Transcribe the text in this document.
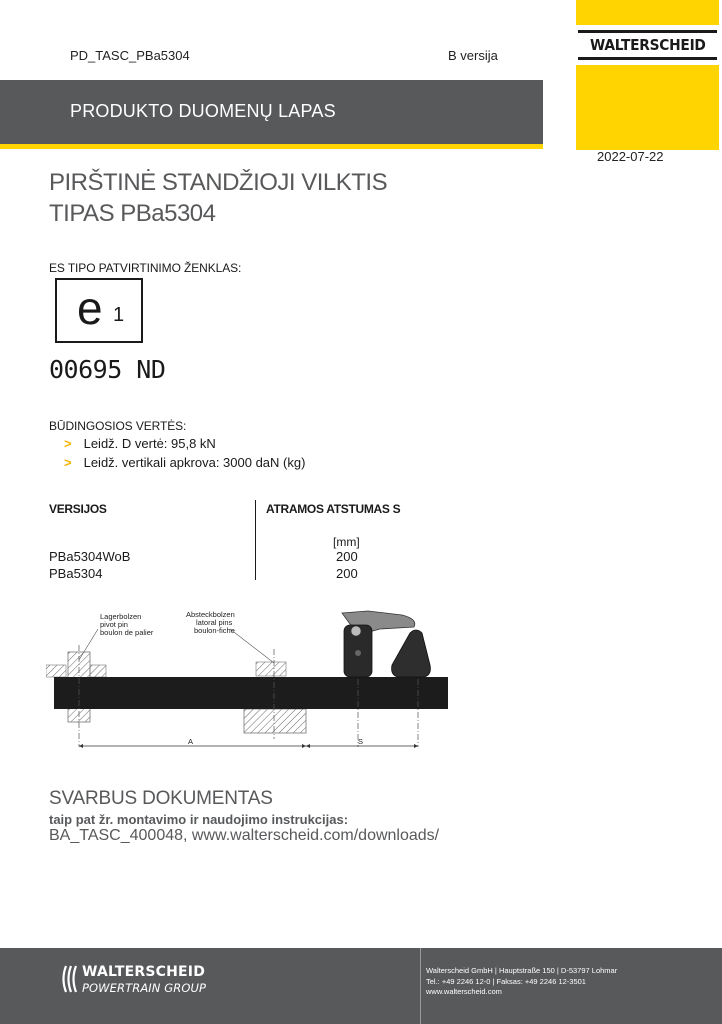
PD_TASC_PBa5304	B versija
WALTERSCHEID
2022-07-22
PRODUKTO DUOMENŲ LAPAS
PIRŠTINĖ STANDŽIOJI VILKTIS
TIPAS PBa5304
ES TIPO PATVIRTINIMO ŽENKLAS:
e 1
00695 ND
BŪDINGOSIOS VERTĖS:
> Leidž. D vertė: 95,8 kN
> Leidž. vertikali apkrova: 3000 daN (kg)
VERSIJOS	ATRAMOS ATSTUMAS S
[mm]
PBa5304WoB	200
PBa5304	200
Lagerbolzen
pivot pin
boulon de palier
Absteckbolzen
latoral pins
boulon-fiche
A	S
SVARBUS DOKUMENTAS
taip pat žr. montavimo ir naudojimo instrukcijas:
BA_TASC_400048, www.walterscheid.com/downloads/
WALTERSCHEID
POWERTRAIN GROUP
Walterscheid GmbH | Hauptstraße 150 | D-53797 Lohmar
Tel.: +49 2246 12-0 | Faksas: +49 2246 12-3501
www.walterscheid.com
